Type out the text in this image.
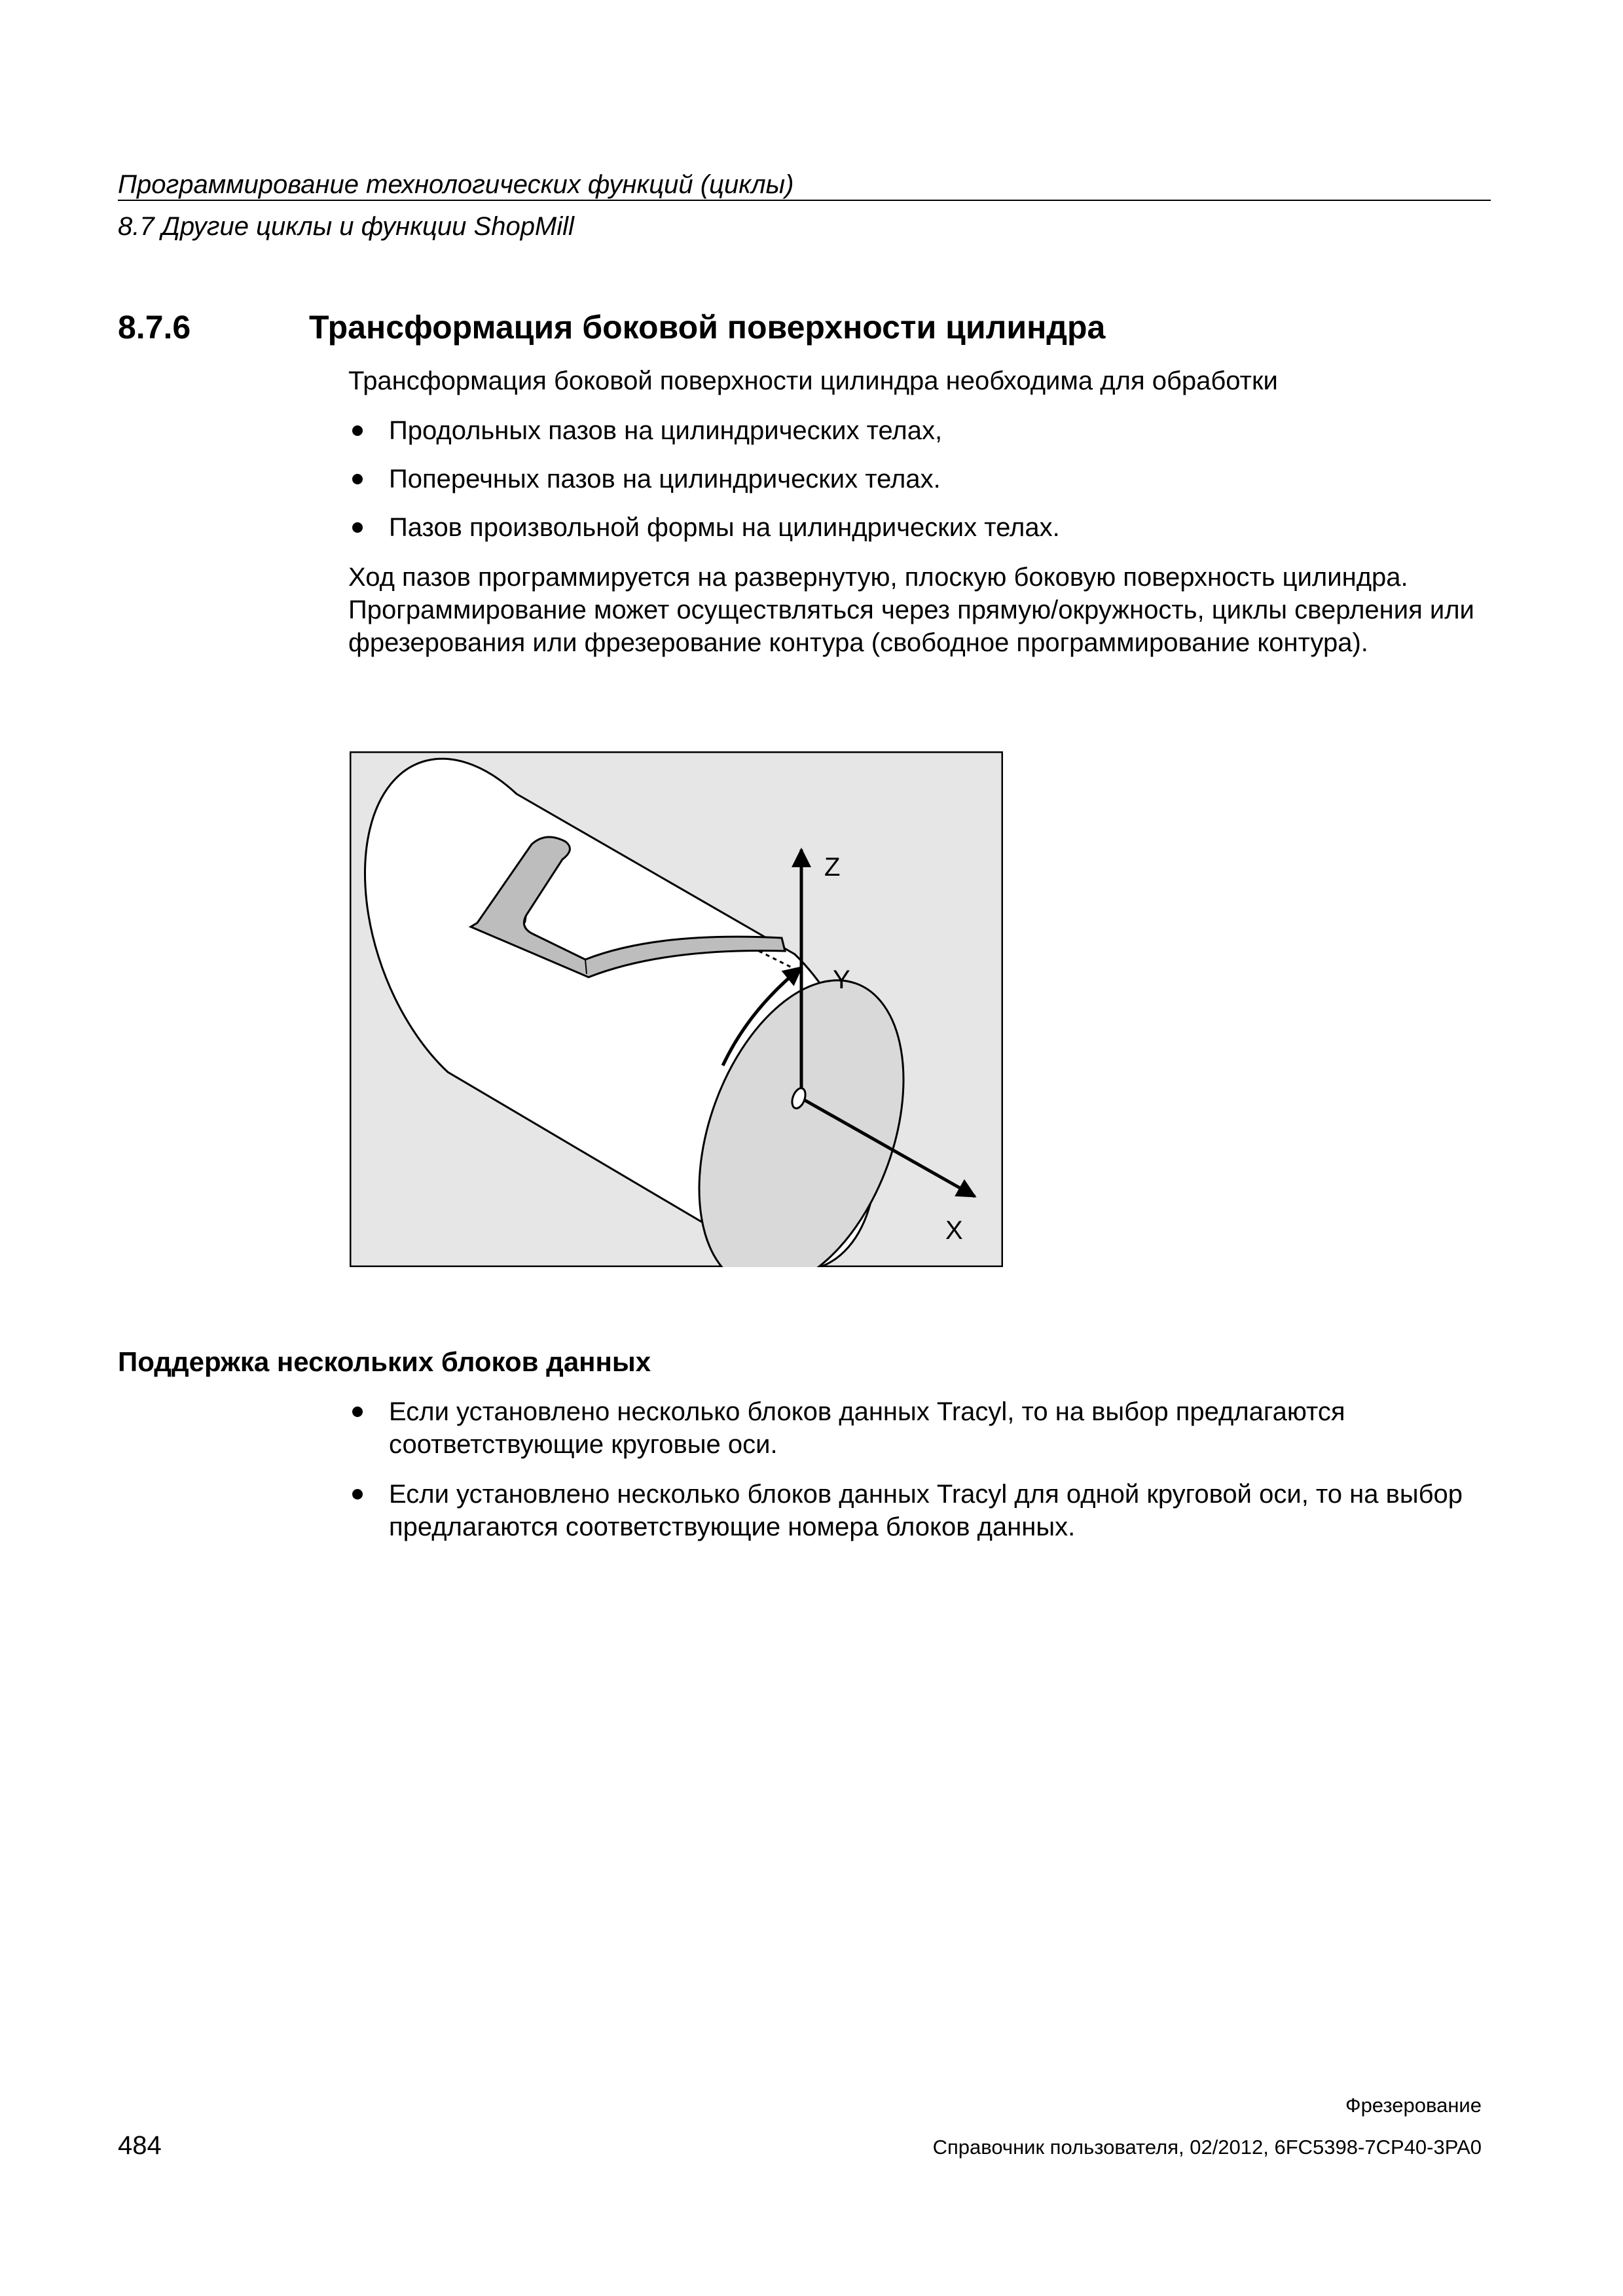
Программирование технологических функций (циклы)
8.7 Другие циклы и функции ShopMill
8.7.6	Трансформация боковой поверхности цилиндра
Трансформация боковой поверхности цилиндра необходима для обработки
Продольных пазов на цилиндрических телах,
Поперечных пазов на цилиндрических телах.
Пазов произвольной формы на цилиндрических телах.
Ход пазов программируется на развернутую, плоскую боковую поверхность цилиндра. Программирование может осуществляться через прямую/окружность, циклы сверления или фрезерования или фрезерование контура (свободное программирование контура).
Z
Y
X
Поддержка нескольких блоков данных
Если установлено несколько блоков данных Tracyl, то на выбор предлагаются соответствующие круговые оси.
Если установлено несколько блоков данных Tracyl для одной круговой оси, то на выбор предлагаются соответствующие номера блоков данных.
Фрезерование
484	Справочник пользователя, 02/2012, 6FC5398-7CP40-3PA0
